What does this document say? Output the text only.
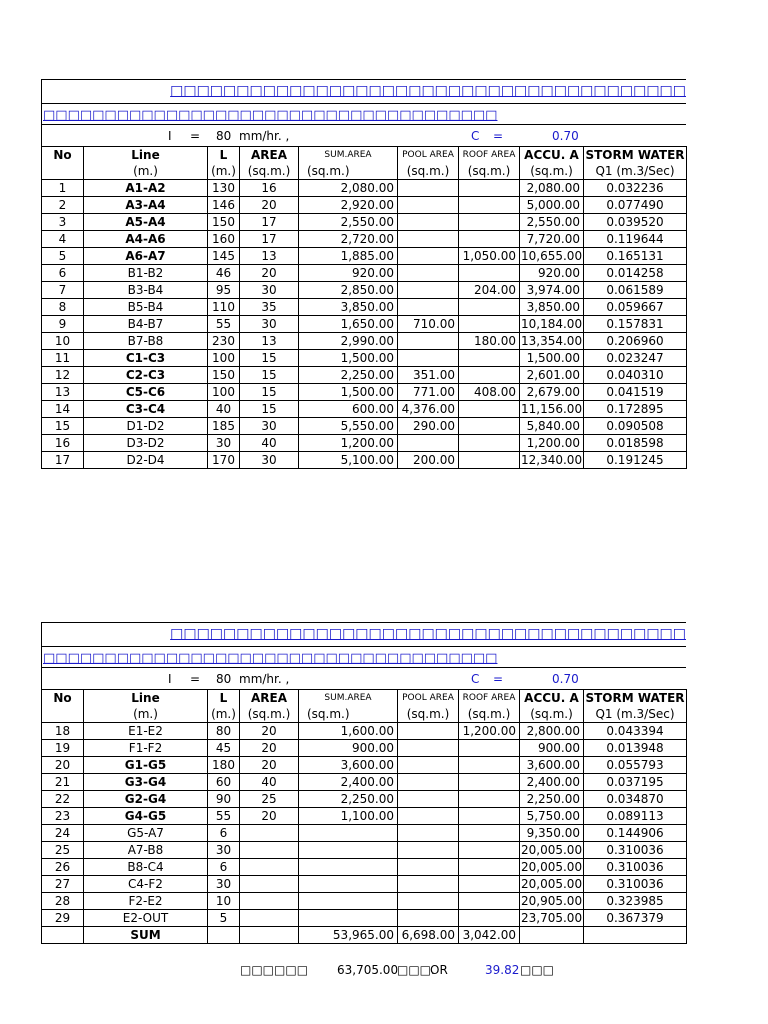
□□□□□□□□□□□□□□□□□□□□□□□□□□□□□□□□□□□□□□□
□□□□□□□□□□□□□□□□□□□□□□□□□□□□□□□□□□□□□
I = 80 mm/hr. ,	C =	0.70
No	Line	L	AREA	SUM.AREA	POOL AREA	ROOF AREA	ACCU. A	STORM WATER
	(m.)	(m.)	(sq.m.)	(sq.m.)	(sq.m.)	(sq.m.)	(sq.m.)	Q1 (m.3/Sec)
1	A1-A2	130	16	2,080.00			2,080.00	0.032236
2	A3-A4	146	20	2,920.00			5,000.00	0.077490
3	A5-A4	150	17	2,550.00			2,550.00	0.039520
4	A4-A6	160	17	2,720.00			7,720.00	0.119644
5	A6-A7	145	13	1,885.00		1,050.00	10,655.00	0.165131
6	B1-B2	46	20	920.00			920.00	0.014258
7	B3-B4	95	30	2,850.00		204.00	3,974.00	0.061589
8	B5-B4	110	35	3,850.00			3,850.00	0.059667
9	B4-B7	55	30	1,650.00	710.00		10,184.00	0.157831
10	B7-B8	230	13	2,990.00		180.00	13,354.00	0.206960
11	C1-C3	100	15	1,500.00			1,500.00	0.023247
12	C2-C3	150	15	2,250.00	351.00		2,601.00	0.040310
13	C5-C6	100	15	1,500.00	771.00	408.00	2,679.00	0.041519
14	C3-C4	40	15	600.00	4,376.00		11,156.00	0.172895
15	D1-D2	185	30	5,550.00	290.00		5,840.00	0.090508
16	D3-D2	30	40	1,200.00			1,200.00	0.018598
17	D2-D4	170	30	5,100.00	200.00		12,340.00	0.191245
□□□□□□□□□□□□□□□□□□□□□□□□□□□□□□□□□□□□□□□
□□□□□□□□□□□□□□□□□□□□□□□□□□□□□□□□□□□□□
I = 80 mm/hr. ,	C =	0.70
No	Line	L	AREA	SUM.AREA	POOL AREA	ROOF AREA	ACCU. A	STORM WATER
	(m.)	(m.)	(sq.m.)	(sq.m.)	(sq.m.)	(sq.m.)	(sq.m.)	Q1 (m.3/Sec)
18	E1-E2	80	20	1,600.00		1,200.00	2,800.00	0.043394
19	F1-F2	45	20	900.00			900.00	0.013948
20	G1-G5	180	20	3,600.00			3,600.00	0.055793
21	G3-G4	60	40	2,400.00			2,400.00	0.037195
22	G2-G4	90	25	2,250.00			2,250.00	0.034870
23	G4-G5	55	20	1,100.00			5,750.00	0.089113
24	G5-A7	6					9,350.00	0.144906
25	A7-B8	30					20,005.00	0.310036
26	B8-C4	6					20,005.00	0.310036
27	C4-F2	30					20,005.00	0.310036
28	F2-E2	10					20,905.00	0.323985
29	E2-OUT	5					23,705.00	0.367379
	SUM			53,965.00	6,698.00	3,042.00		
□□□□□□ 63,705.00
□□□.
OR	39.82 □□□
